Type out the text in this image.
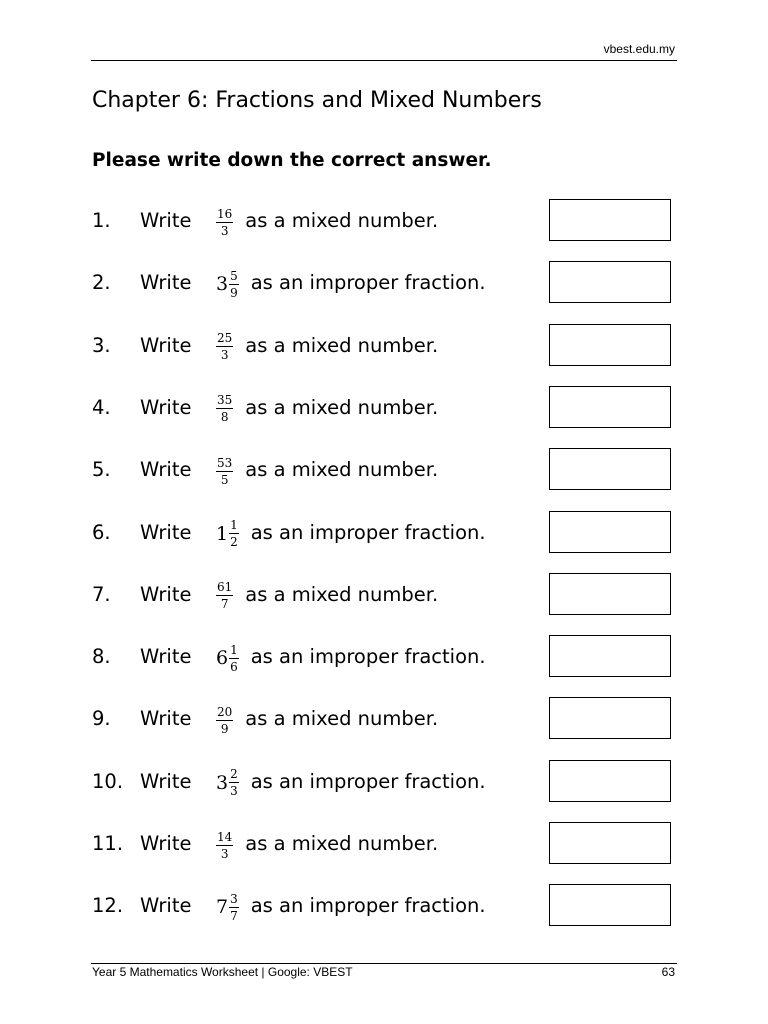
vbest.edu.my
Chapter 6: Fractions and Mixed Numbers
Please write down the correct answer.
1. Write $\frac{16}{3}$ as a mixed number.
2. Write $3 \frac{5}{9}$ as an improper fraction.
3. Write $\frac{25}{3}$ as a mixed number.
4. Write $\frac{35}{8}$ as a mixed number.
5. Write $\frac{53}{5}$ as a mixed number.
6. Write $1 \frac{1}{2}$ as an improper fraction.
7. Write $\frac{61}{7}$ as a mixed number.
8. Write $6 \frac{1}{6}$ as an improper fraction.
9. Write $\frac{20}{9}$ as a mixed number.
10. Write $3 \frac{2}{3}$ as an improper fraction.
11. Write $\frac{14}{3}$ as a mixed number.
12. Write $7 \frac{3}{7}$ as an improper fraction.
Year 5 Mathematics Worksheet | Google: VBEST	63
